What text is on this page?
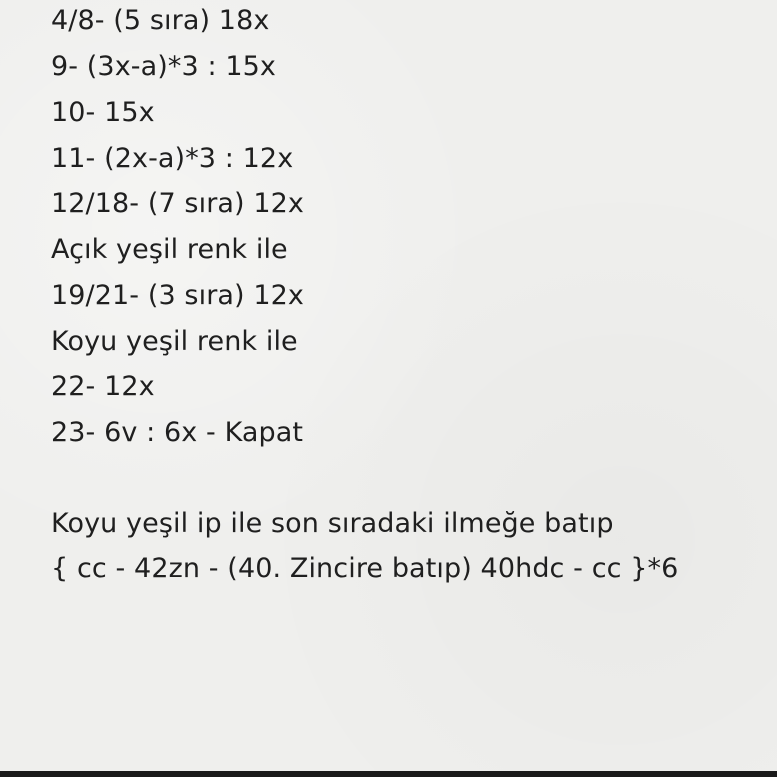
4/8- (5 sıra) 18x
9- (3x-a)*3 : 15x
10- 15x
11- (2x-a)*3 : 12x
12/18- (7 sıra) 12x
Açık yeşil renk ile
19/21- (3 sıra) 12x
Koyu yeşil renk ile
22- 12x
23- 6v : 6x - Kapat
Koyu yeşil ip ile son sıradaki ilmeğe batıp
{ cc - 42zn - (40. Zincire batıp) 40hdc - cc }*6
